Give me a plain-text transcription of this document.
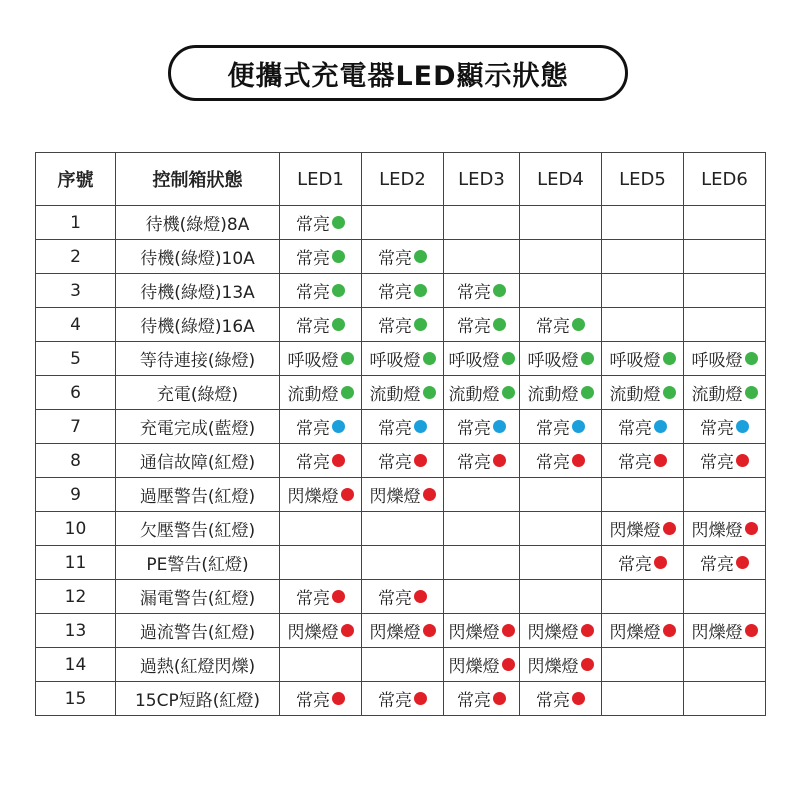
便攜式充電器LED顯示狀態
序號	控制箱狀態	LED1	LED2	LED3	LED4	LED5	LED6
1	待機(綠燈)8A	常亮					

2	待機(綠燈)10A	常亮	常亮				

3	待機(綠燈)13A	常亮	常亮	常亮			

4	待機(綠燈)16A	常亮	常亮	常亮	常亮		

5	等待連接(綠燈)	呼吸燈	呼吸燈	呼吸燈	呼吸燈	呼吸燈	呼吸燈

6	充電(綠燈)	流動燈	流動燈	流動燈	流動燈	流動燈	流動燈

7	充電完成(藍燈)	常亮	常亮	常亮	常亮	常亮	常亮

8	通信故障(紅燈)	常亮	常亮	常亮	常亮	常亮	常亮

9	過壓警告(紅燈)	閃爍燈	閃爍燈				

10	欠壓警告(紅燈)					閃爍燈	閃爍燈

11	PE警告(紅燈)					常亮	常亮

12	漏電警告(紅燈)	常亮	常亮				

13	過流警告(紅燈)	閃爍燈	閃爍燈	閃爍燈	閃爍燈	閃爍燈	閃爍燈

14	過熱(紅燈閃爍)			閃爍燈	閃爍燈		

15	15CP短路(紅燈)	常亮	常亮	常亮	常亮		
